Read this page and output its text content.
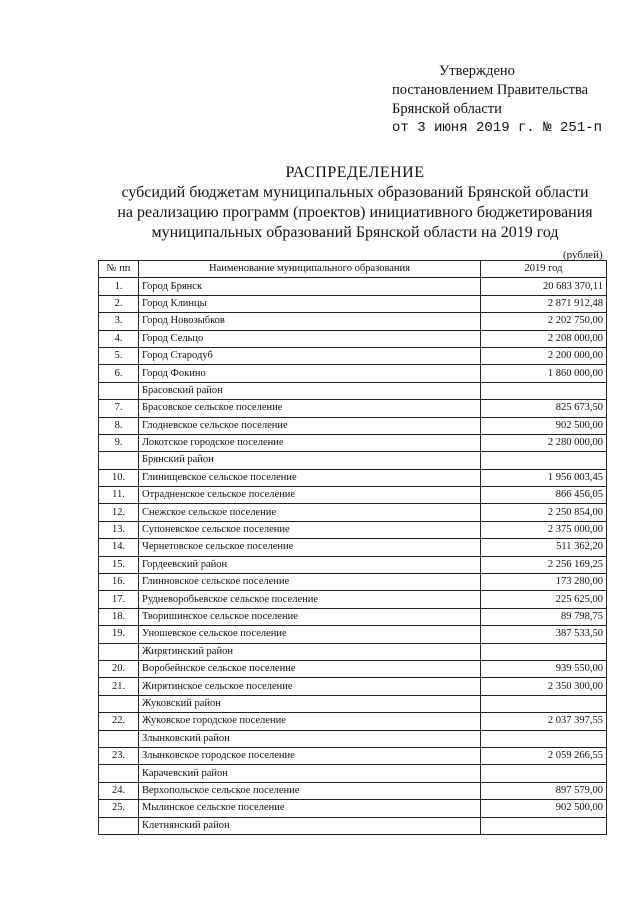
Утверждено
постановлением Правительства
Брянской области
от 3 июня 2019 г. № 251-п
РАСПРЕДЕЛЕНИЕ
субсидий бюджетам муниципальных образований Брянской области
на реализацию программ (проектов) инициативного бюджетирования
муниципальных образований Брянской области на 2019 год
(рублей)
№ пп	Наименование муниципального образования	2019 год
1.	Город Брянск	20 683 370,11
2.	Город Клинцы	2 871 912,48
3.	Город Новозыбков	2 202 750,00
4.	Город Сельцо	2 208 000,00
5.	Город Стародуб	2 200 000,00
6.	Город Фокино	1 860 000,00
	Брасовский район	
7.	Брасовское сельское поселение	825 673,50
8.	Глодневское сельское поселение	902 500,00
9.	Локотское городское поселение	2 280 000,00
	Брянский район	
10.	Глинищевское сельское поселение	1 956 003,45
11.	Отрадненское сельское поселение	866 456,05
12.	Снежское сельское поселение	2 250 854,00
13.	Супоневское сельское поселение	2 375 000,00
14.	Чернетовское сельское поселение	511 362,20
15.	Гордеевский район	2 256 169,25
16.	Глинновское сельское поселение	173 280,00
17.	Рудневоробьевское сельское поселение	225 625,00
18.	Творишинское сельское поселение	89 798,75
19.	Уношевское сельское поселение	387 533,50
	Жирятинский район	
20.	Воробейнское сельское поселение	939 550,00
21.	Жирятинское сельское поселение	2 350 300,00
	Жуковский район	
22.	Жуковское городское поселение	2 037 397,55
	Злынковский район	
23.	Злынковское городское поселение	2 059 266,55
	Карачевский район	
24.	Верхопольское сельское поселение	897 579,00
25.	Мылинское сельское поселение	902 500,00
	Клетнянский район	
